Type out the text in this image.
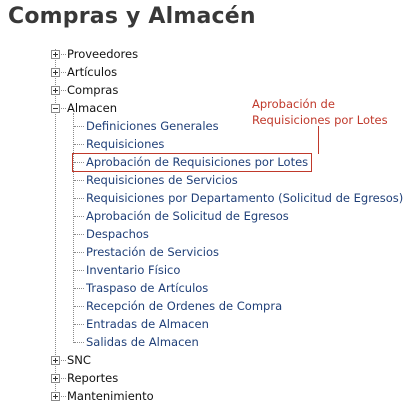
Compras y Almacén
Proveedores
Artículos
Compras
Almacen
Definiciones Generales
Requisiciones
Aprobación de Requisiciones por Lotes
Requisiciones de Servicios
Requisiciones por Departamento (Solicitud de Egresos)
Aprobación de Solicitud de Egresos
Despachos
Prestación de Servicios
Inventario Físico
Traspaso de Artículos
Recepción de Ordenes de Compra
Entradas de Almacen
Salidas de Almacen
SNC
Reportes
Mantenimiento
Aprobación de
Requisiciones por Lotes
